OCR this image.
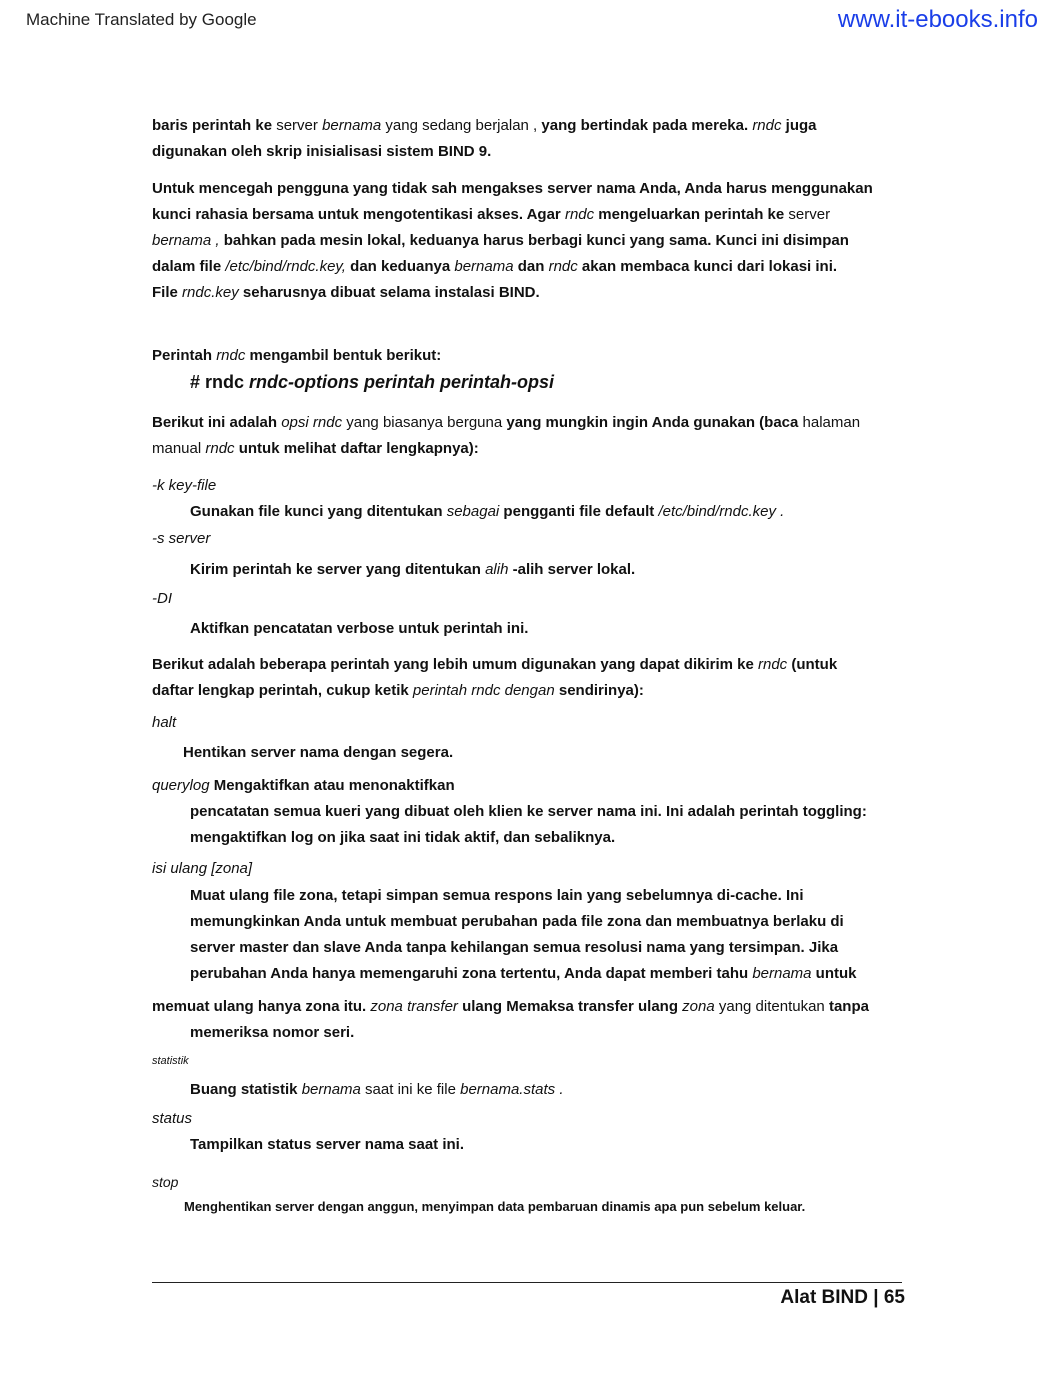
Machine Translated by Google	www.it-ebooks.info
baris perintah ke server bernama yang sedang berjalan , yang bertindak pada mereka. rndc juga
digunakan oleh skrip inisialisasi sistem BIND 9.
Untuk mencegah pengguna yang tidak sah mengakses server nama Anda, Anda harus menggunakan
kunci rahasia bersama untuk mengotentikasi akses. Agar rndc mengeluarkan perintah ke server
bernama , bahkan pada mesin lokal, keduanya harus berbagi kunci yang sama. Kunci ini disimpan
dalam file /etc/bind/rndc.key, dan keduanya bernama dan rndc akan membaca kunci dari lokasi ini.
File rndc.key seharusnya dibuat selama instalasi BIND.
Perintah rndc mengambil bentuk berikut:
# rndc rndc-options perintah perintah-opsi
Berikut ini adalah opsi rndc yang biasanya berguna yang mungkin ingin Anda gunakan (baca halaman
manual rndc untuk melihat daftar lengkapnya):
-k key-file
Gunakan file kunci yang ditentukan sebagai pengganti file default /etc/bind/rndc.key .
-s server
Kirim perintah ke server yang ditentukan alih -alih server lokal.
-DI
Aktifkan pencatatan verbose untuk perintah ini.
Berikut adalah beberapa perintah yang lebih umum digunakan yang dapat dikirim ke rndc (untuk
daftar lengkap perintah, cukup ketik perintah rndc dengan sendirinya):
halt
Hentikan server nama dengan segera.
querylog Mengaktifkan atau menonaktifkan
pencatatan semua kueri yang dibuat oleh klien ke server nama ini. Ini adalah perintah toggling:
mengaktifkan log on jika saat ini tidak aktif, dan sebaliknya.
isi ulang [zona]
Muat ulang file zona, tetapi simpan semua respons lain yang sebelumnya di-cache. Ini
memungkinkan Anda untuk membuat perubahan pada file zona dan membuatnya berlaku di
server master dan slave Anda tanpa kehilangan semua resolusi nama yang tersimpan. Jika
perubahan Anda hanya memengaruhi zona tertentu, Anda dapat memberi tahu bernama untuk
memuat ulang hanya zona itu. zona transfer ulang Memaksa transfer ulang zona yang ditentukan tanpa
memeriksa nomor seri.
statistik
Buang statistik bernama saat ini ke file bernama.stats .
status
Tampilkan status server nama saat ini.
stop
Menghentikan server dengan anggun, menyimpan data pembaruan dinamis apa pun sebelum keluar.
Alat BIND | 65
